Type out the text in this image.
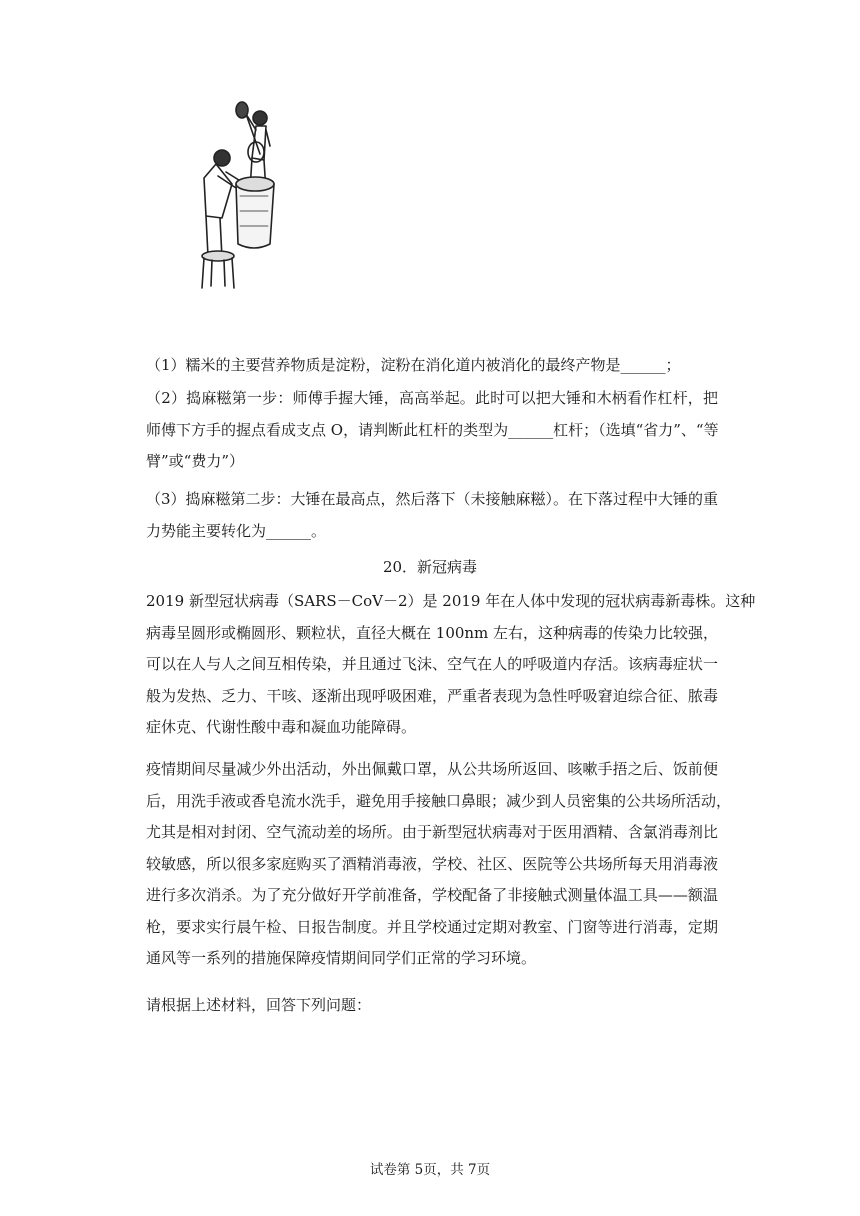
（1）糯米的主要营养物质是淀粉，淀粉在消化道内被消化的最终产物是______；
（2）捣麻糍第一步：师傅手握大锤，高高举起。此时可以把大锤和木柄看作杠杆，把
师傅下方手的握点看成支点 O，请判断此杠杆的类型为______杠杆；（选填“省力”、“等
臂”或“费力”）
（3）捣麻糍第二步：大锤在最高点，然后落下（未接触麻糍）。在下落过程中大锤的重
力势能主要转化为______。
20．新冠病毒
2019 新型冠状病毒（SARS－CoV－2）是 2019 年在人体中发现的冠状病毒新毒株。这种
病毒呈圆形或椭圆形、颗粒状，直径大概在 100nm 左右，这种病毒的传染力比较强，
可以在人与人之间互相传染，并且通过飞沫、空气在人的呼吸道内存活。该病毒症状一
般为发热、乏力、干咳、逐渐出现呼吸困难，严重者表现为急性呼吸窘迫综合征、脓毒
症休克、代谢性酸中毒和凝血功能障碍。
疫情期间尽量减少外出活动，外出佩戴口罩，从公共场所返回、咳嗽手捂之后、饭前便
后，用洗手液或香皂流水洗手，避免用手接触口鼻眼；减少到人员密集的公共场所活动，
尤其是相对封闭、空气流动差的场所。由于新型冠状病毒对于医用酒精、含氯消毒剂比
较敏感，所以很多家庭购买了酒精消毒液，学校、社区、医院等公共场所每天用消毒液
进行多次消杀。为了充分做好开学前准备，学校配备了非接触式测量体温工具——额温
枪，要求实行晨午检、日报告制度。并且学校通过定期对教室、门窗等进行消毒，定期
通风等一系列的措施保障疫情期间同学们正常的学习环境。
请根据上述材料，回答下列问题：
试卷第 5页，共 7页
